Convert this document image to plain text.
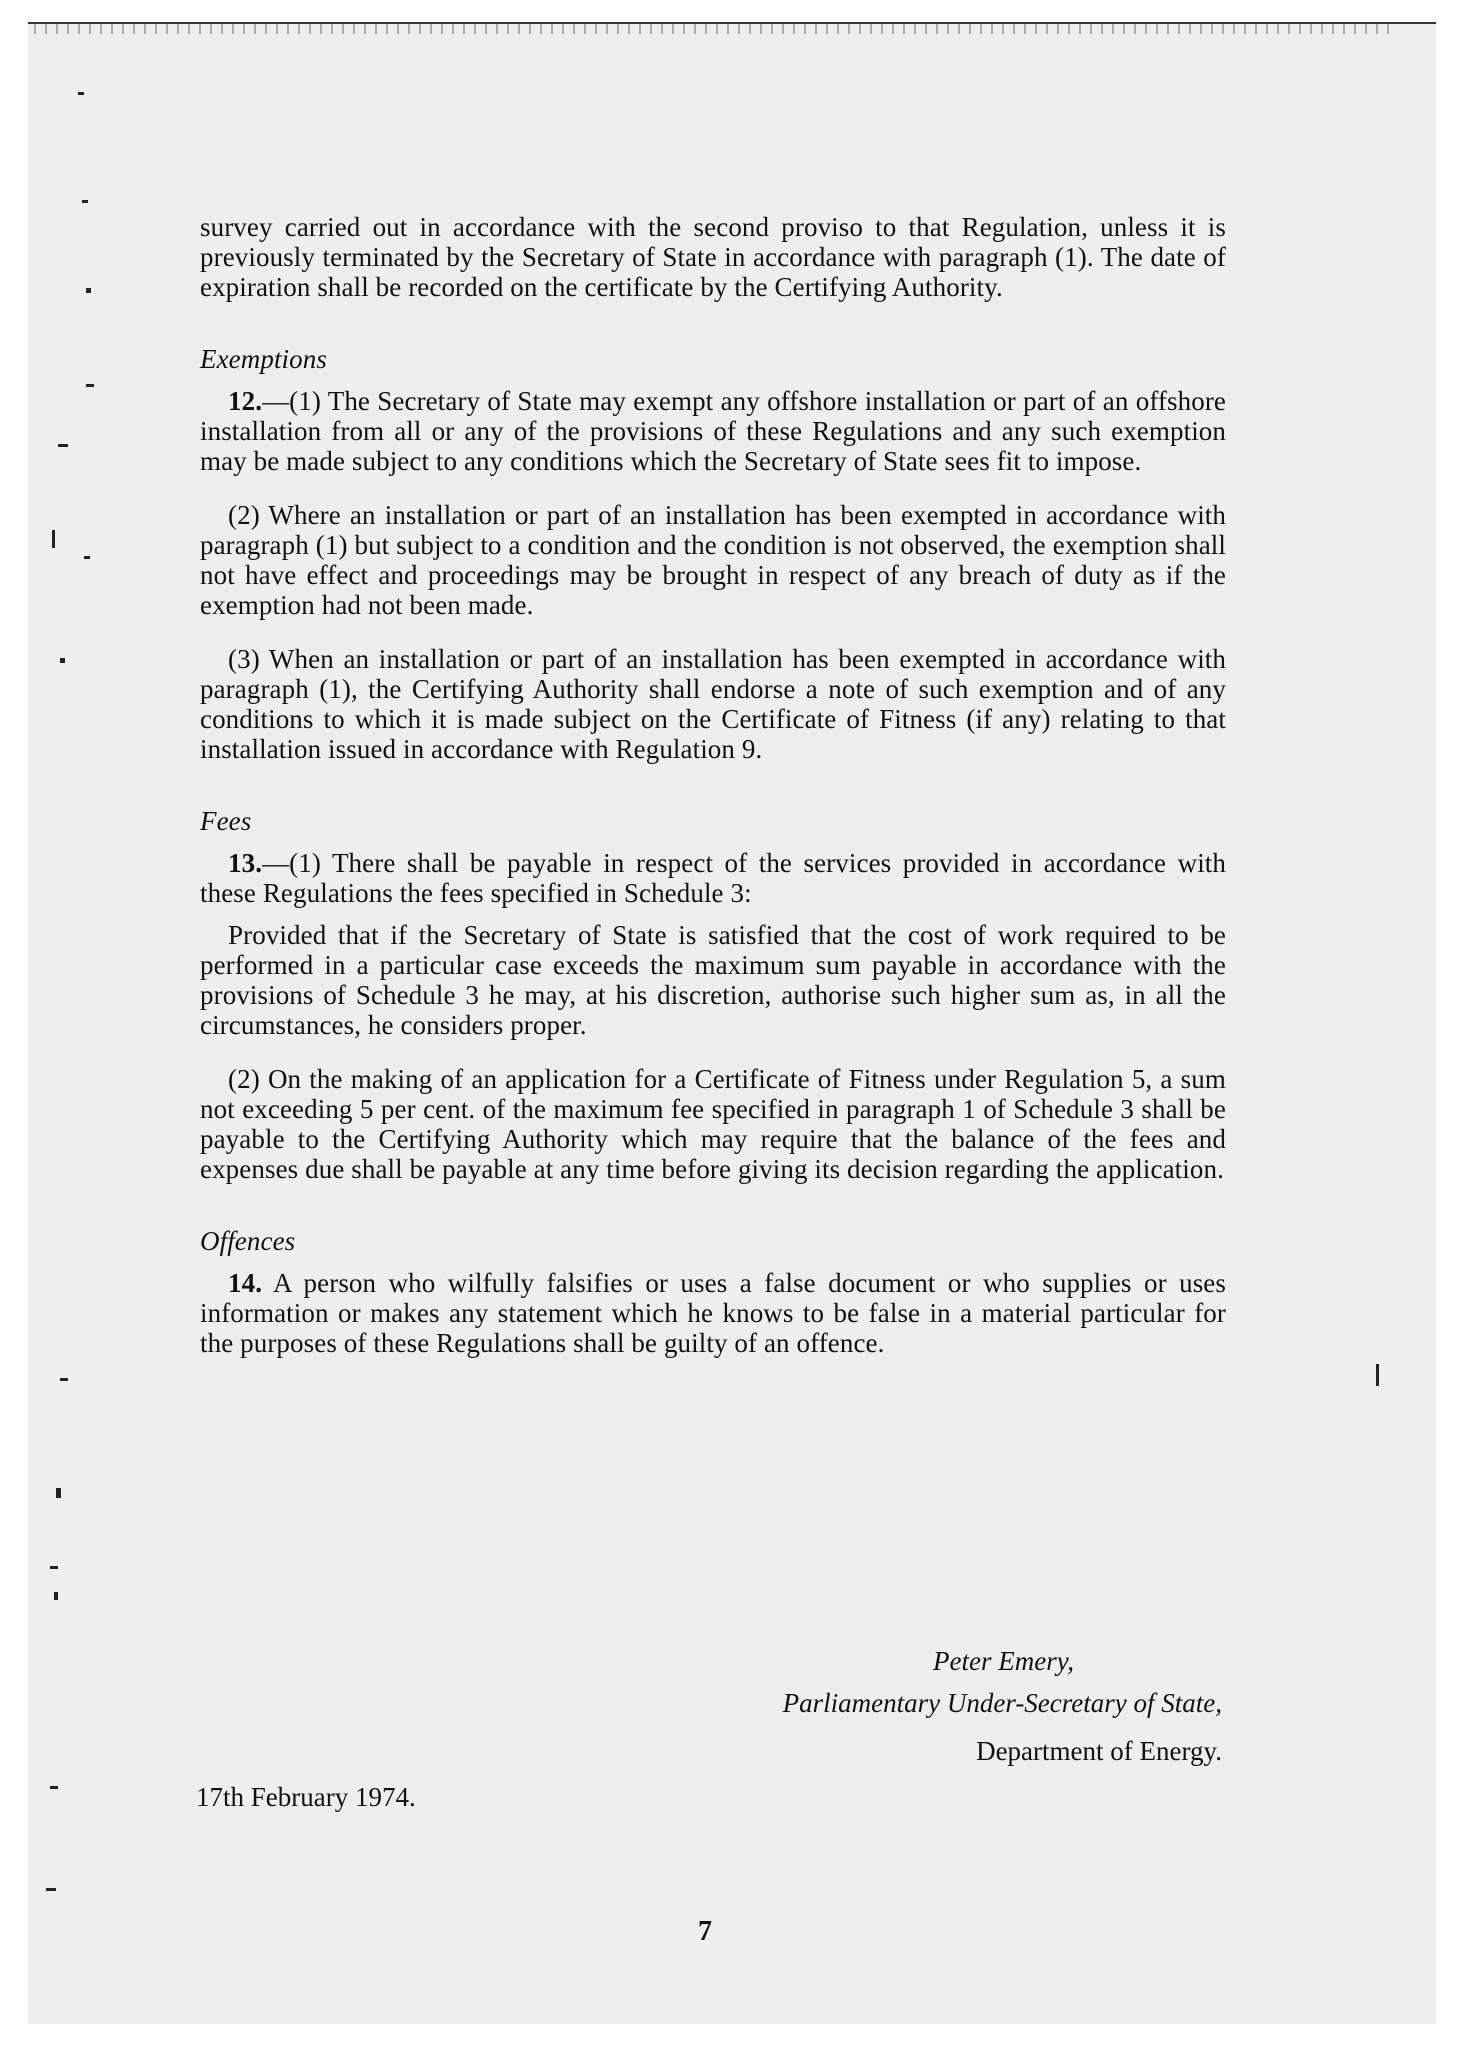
survey carried out in accordance with the second proviso to that Regulation, unless it is previously terminated by the Secretary of State in accordance with paragraph (1). The date of expiration shall be recorded on the certificate by the Certifying Authority.

Exemptions

12.—(1) The Secretary of State may exempt any offshore installation or part of an offshore installation from all or any of the provisions of these Regulations and any such exemption may be made subject to any conditions which the Secretary of State sees fit to impose.

(2) Where an installation or part of an installation has been exempted in accordance with paragraph (1) but subject to a condition and the condition is not observed, the exemption shall not have effect and proceedings may be brought in respect of any breach of duty as if the exemption had not been made.

(3) When an installation or part of an installation has been exempted in accordance with paragraph (1), the Certifying Authority shall endorse a note of such exemption and of any conditions to which it is made subject on the Certificate of Fitness (if any) relating to that installation issued in accordance with Regulation 9.

Fees

13.—(1) There shall be payable in respect of the services provided in accordance with these Regulations the fees specified in Schedule 3:

Provided that if the Secretary of State is satisfied that the cost of work required to be performed in a particular case exceeds the maximum sum payable in accordance with the provisions of Schedule 3 he may, at his discretion, authorise such higher sum as, in all the circumstances, he considers proper.

(2) On the making of an application for a Certificate of Fitness under Regulation 5, a sum not exceeding 5 per cent. of the maximum fee specified in paragraph 1 of Schedule 3 shall be payable to the Certifying Authority which may require that the balance of the fees and expenses due shall be payable at any time before giving its decision regarding the application.

Offences

14. A person who wilfully falsifies or uses a false document or who supplies or uses information or makes any statement which he knows to be false in a material particular for the purposes of these Regulations shall be guilty of an offence.

Peter Emery,
Parliamentary Under-Secretary of State,
Department of Energy.
17th February 1974.
7
